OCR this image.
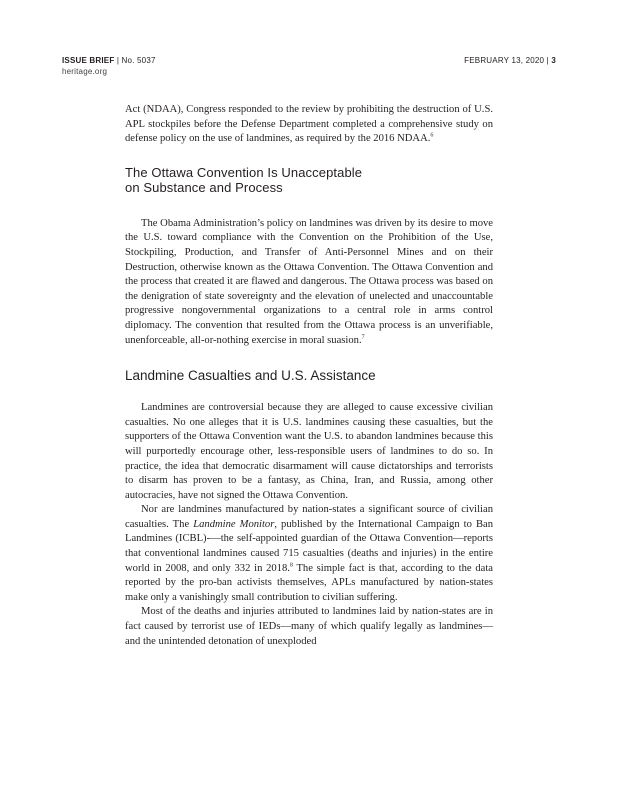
ISSUE BRIEF | No. 5037
heritage.org
FEBRUARY 13, 2020 | 3

Act (NDAA), Congress responded to the review by prohibiting the destruction of U.S. APL stockpiles before the Defense Department completed a comprehensive study on defense policy on the use of landmines, as required by the 2016 NDAA.$^6$

The Ottawa Convention Is Unacceptable
on Substance and Process

The Obama Administration’s policy on landmines was driven by its desire to move the U.S. toward compliance with the Convention on the Prohibition of the Use, Stockpiling, Production, and Transfer of Anti-Personnel Mines and on their Destruction, otherwise known as the Ottawa Convention. The Ottawa Convention and the process that created it are flawed and dangerous. The Ottawa process was based on the denigration of state sovereignty and the elevation of unelected and unaccountable progressive nongovernmental organizations to a central role in arms control diplomacy. The convention that resulted from the Ottawa process is an unverifiable, unenforceable, all-or-nothing exercise in moral suasion.$^7$

Landmine Casualties and U.S. Assistance

Landmines are controversial because they are alleged to cause excessive civilian casualties. No one alleges that it is U.S. landmines causing these casualties, but the supporters of the Ottawa Convention want the U.S. to abandon landmines because this will purportedly encourage other, less-responsible users of landmines to do so. In practice, the idea that democratic disarmament will cause dictatorships and terrorists to disarm has proven to be a fantasy, as China, Iran, and Russia, among other autocracies, have not signed the Ottawa Convention.

Nor are landmines manufactured by nation-states a significant source of civilian casualties. The Landmine Monitor, published by the International Campaign to Ban Landmines (ICBL)-—the self-appointed guardian of the Ottawa Convention—reports that conventional landmines caused 715 casualties (deaths and injuries) in the entire world in 2008, and only 332 in 2018.$^8$ The simple fact is that, according to the data reported by the pro-ban activists themselves, APLs manufactured by nation-states make only a vanishingly small contribution to civilian suffering.

Most of the deaths and injuries attributed to landmines laid by nation-states are in fact caused by terrorist use of IEDs—many of which qualify legally as landmines—and the unintended detonation of unexploded
